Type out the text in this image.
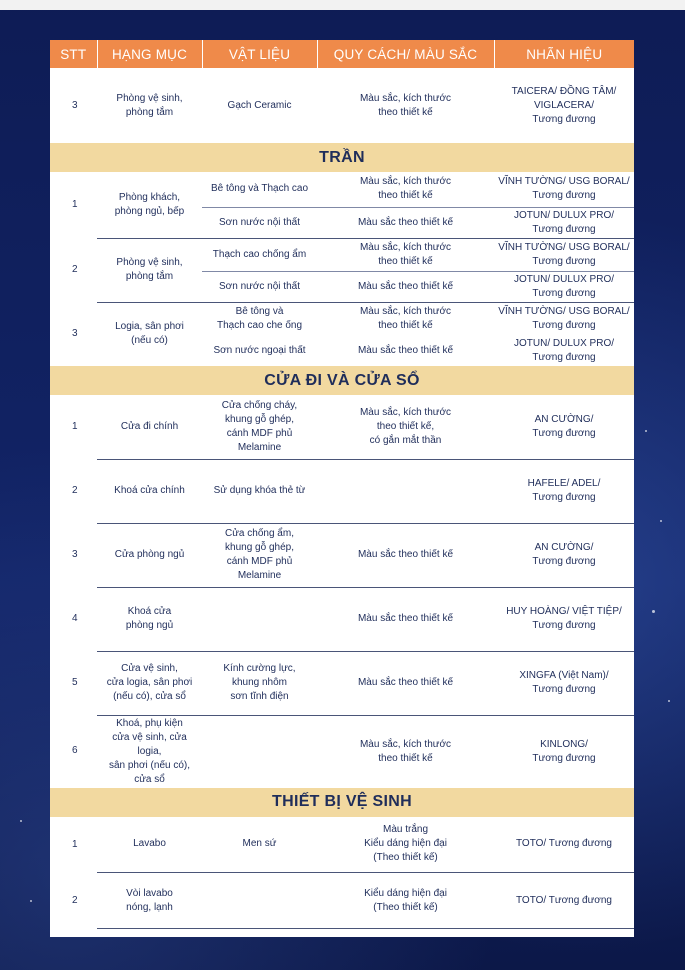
STT	HẠNG MỤC	VẬT LIỆU	QUY CÁCH/ MÀU SẮC	NHÃN HIỆU
3	Phòng vệ sinh,
phòng tắm	Gạch Ceramic	Màu sắc, kích thước
theo thiết kế	TAICERA/ ĐỒNG TÂM/
VIGLACERA/
Tương đương
TRẦN				
1	Phòng khách,
phòng ngủ, bếp	Bê tông và Thạch cao	Màu sắc, kích thước
theo thiết kế	VĨNH TƯỜNG/ USG BORAL/
Tương đương
		Sơn nước nội thất	Màu sắc theo thiết kế	JOTUN/ DULUX PRO/
Tương đương
2	Phòng vệ sinh,
phòng tắm	Thạch cao chống ẩm	Màu sắc, kích thước
theo thiết kế	VĨNH TƯỜNG/ USG BORAL/
Tương đương
		Sơn nước nội thất	Màu sắc theo thiết kế	JOTUN/ DULUX PRO/
Tương đương
3	Logia, sân phơi
(nếu có)	Bê tông và
Thạch cao che ống	Màu sắc, kích thước
theo thiết kế	VĨNH TƯỜNG/ USG BORAL/
Tương đương
		Sơn nước ngoại thất	Màu sắc theo thiết kế	JOTUN/ DULUX PRO/
Tương đương
CỬA ĐI VÀ CỬA SỔ				
1	Cửa đi chính	Cửa chống cháy,
khung gỗ ghép,
cánh MDF phủ Melamine	Màu sắc, kích thước
theo thiết kế,
có gắn mắt thần	AN CƯỜNG/
Tương đương
2	Khoá cửa chính	Sử dụng khóa thẻ từ		HAFELE/ ADEL/
Tương đương
3	Cửa phòng ngủ	Cửa chống ẩm,
khung gỗ ghép,
cánh MDF phủ Melamine	Màu sắc theo thiết kế	AN CƯỜNG/
Tương đương
4	Khoá cửa
phòng ngủ		Màu sắc theo thiết kế	HUY HOÀNG/ VIỆT TIỆP/
Tương đương
5	Cửa vệ sinh,
cửa logia, sân phơi
(nếu có), cửa sổ	Kính cường lực,
khung nhôm
sơn tĩnh điện	Màu sắc theo thiết kế	XINGFA (Việt Nam)/
Tương đương
6	Khoá, phụ kiện
cửa vệ sinh, cửa logia,
sân phơi (nếu có), cửa sổ		Màu sắc, kích thước
theo thiết kế	KINLONG/
Tương đương
THIẾT BỊ VỆ SINH				
1	Lavabo	Men sứ	Màu trắng
Kiểu dáng hiện đại
(Theo thiết kế)	TOTO/ Tương đương
2	Vòi lavabo
nóng, lạnh		Kiểu dáng hiện đại
(Theo thiết kế)	TOTO/ Tương đương
